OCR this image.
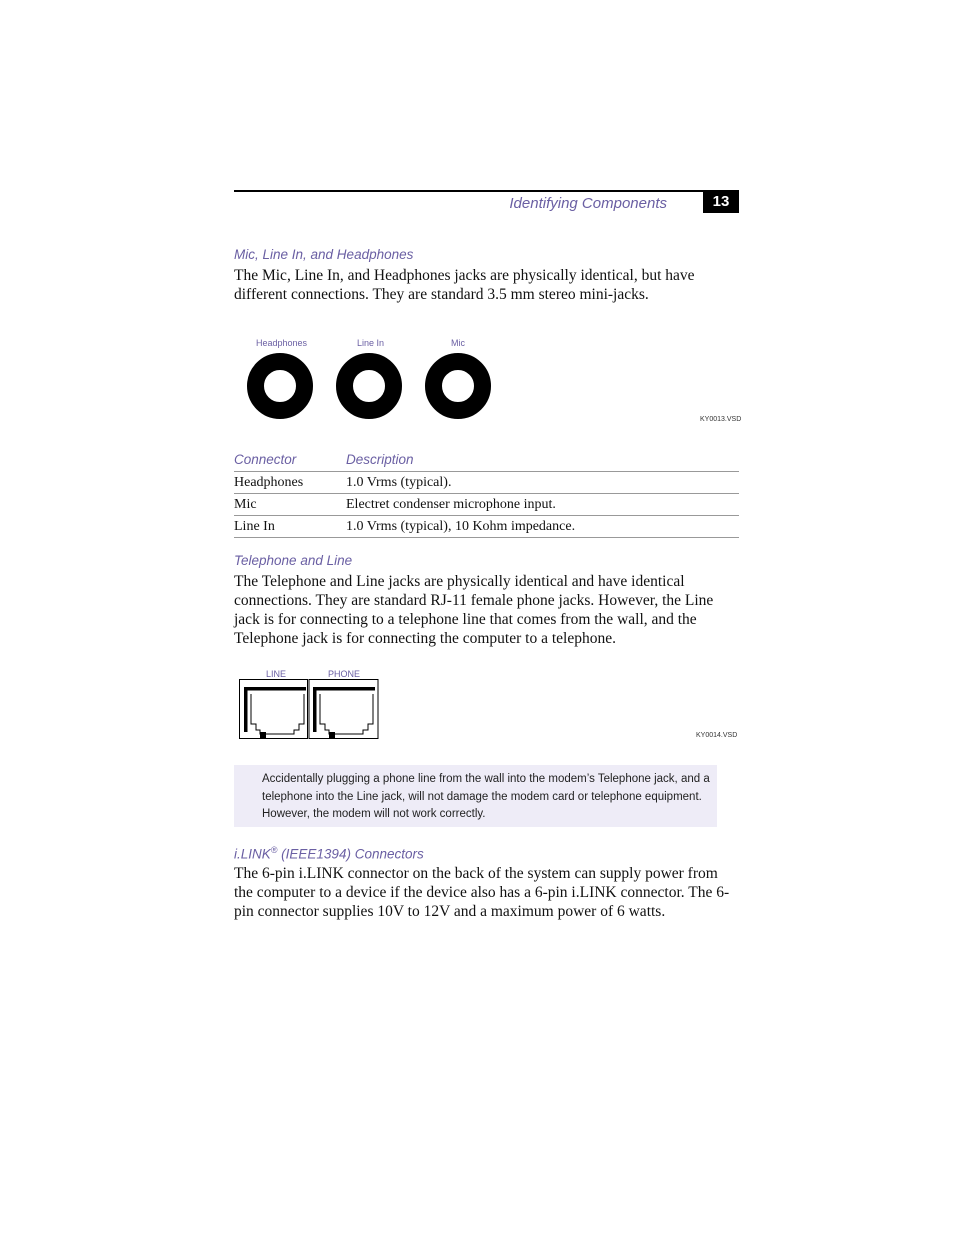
Identifying Components	13
Mic, Line In, and Headphones
The Mic, Line In, and Headphones jacks are physically identical, but have different connections. They are standard 3.5 mm stereo mini-jacks.
Headphones	Line In	Mic
KY0013.VSD
Connector	Description
Headphones	1.0 Vrms (typical).
Mic	Electret condenser microphone input.
Line In	1.0 Vrms (typical), 10 Kohm impedance.
Telephone and Line
The Telephone and Line jacks are physically identical and have identical connections. They are standard RJ-11 female phone jacks. However, the Line jack is for connecting to a telephone line that comes from the wall, and the Telephone jack is for connecting the computer to a telephone.
LINE	PHONE
KY0014.VSD
Accidentally plugging a phone line from the wall into the modem’s Telephone jack, and a telephone into the Line jack, will not damage the modem card or telephone equipment. However, the modem will not work correctly.
i.LINK® (IEEE1394) Connectors
The 6-pin i.LINK connector on the back of the system can supply power from the computer to a device if the device also has a 6-pin i.LINK connector. The 6-pin connector supplies 10V to 12V and a maximum power of 6 watts.
